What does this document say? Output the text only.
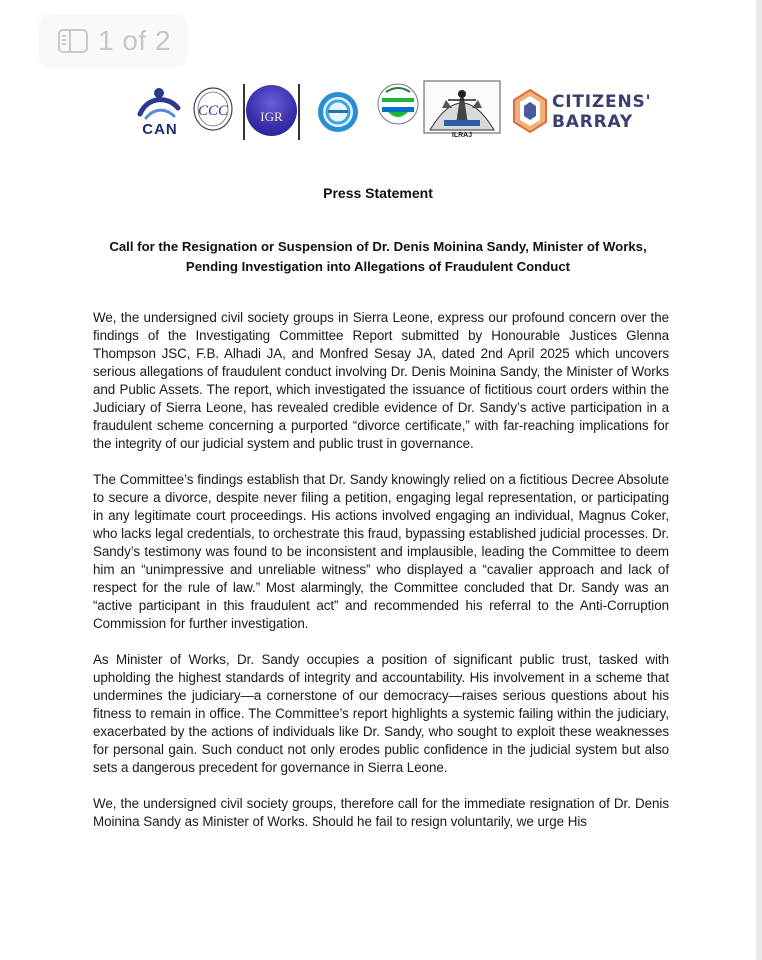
1 of 2
CAN
CCC IGR
ILRAJ
CITIZENS'
BARRAY
Press Statement
Call for the Resignation or Suspension of Dr. Denis Moinina Sandy, Minister of Works,
Pending Investigation into Allegations of Fraudulent Conduct

We, the undersigned civil society groups in Sierra Leone, express our profound concern over the findings of the Investigating Committee Report submitted by Honourable Justices Glenna Thompson JSC, F.B. Alhadi JA, and Monfred Sesay JA, dated 2nd April 2025 which uncovers serious allegations of fraudulent conduct involving Dr. Denis Moinina Sandy, the Minister of Works and Public Assets. The report, which investigated the issuance of fictitious court orders within the Judiciary of Sierra Leone, has revealed credible evidence of Dr. Sandy’s active participation in a fraudulent scheme concerning a purported “divorce certificate,” with far-reaching implications for the integrity of our judicial system and public trust in governance.

The Committee’s findings establish that Dr. Sandy knowingly relied on a fictitious Decree Absolute to secure a divorce, despite never filing a petition, engaging legal representation, or participating in any legitimate court proceedings. His actions involved engaging an individual, Magnus Coker, who lacks legal credentials, to orchestrate this fraud, bypassing established judicial processes. Dr. Sandy’s testimony was found to be inconsistent and implausible, leading the Committee to deem him an “unimpressive and unreliable witness” who displayed a “cavalier approach and lack of respect for the rule of law.” Most alarmingly, the Committee concluded that Dr. Sandy was an “active participant in this fraudulent act” and recommended his referral to the Anti-Corruption Commission for further investigation.

As Minister of Works, Dr. Sandy occupies a position of significant public trust, tasked with upholding the highest standards of integrity and accountability. His involvement in a scheme that undermines the judiciary—a cornerstone of our democracy—raises serious questions about his fitness to remain in office. The Committee’s report highlights a systemic failing within the judiciary, exacerbated by the actions of individuals like Dr. Sandy, who sought to exploit these weaknesses for personal gain. Such conduct not only erodes public confidence in the judicial system but also sets a dangerous precedent for governance in Sierra Leone.

We, the undersigned civil society groups, therefore call for the immediate resignation of Dr. Denis Moinina Sandy as Minister of Works. Should he fail to resign voluntarily, we urge His
